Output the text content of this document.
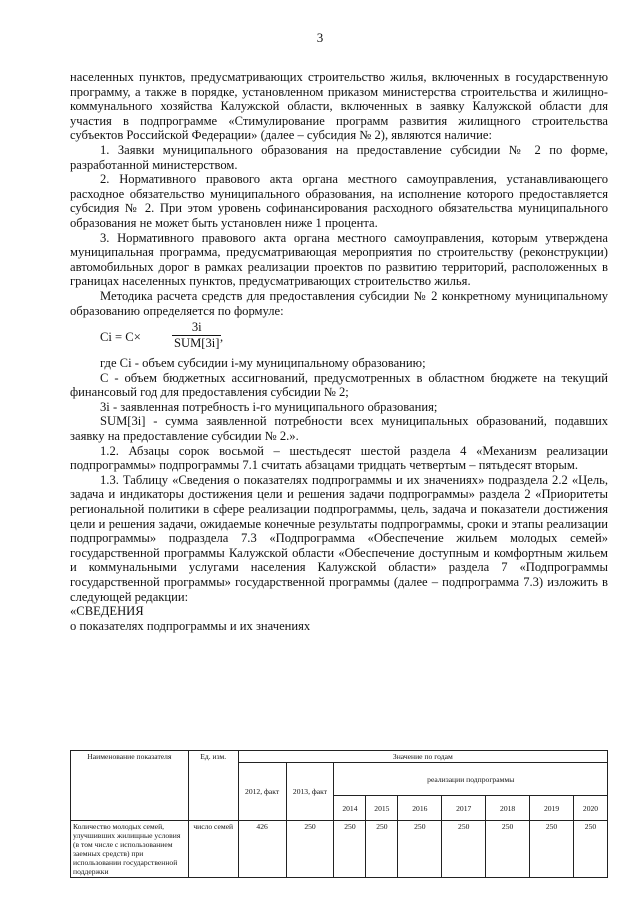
3

населенных пунктов, предусматривающих строительство жилья, включенных в государственную программу, а также в порядке, установленном приказом министерства строительства и жилищно-коммунального хозяйства Калужской области, включенных в заявку Калужской области для участия в подпрограмме «Стимулирование программ развития жилищного строительства субъектов Российской Федерации» (далее – субсидия № 2), являются наличие:

1. Заявки муниципального образования на предоставление субсидии № 2 по форме, разработанной министерством.

2. Нормативного правового акта органа местного самоуправления, устанавливающего расходное обязательство муниципального образования, на исполнение которого предоставляется субсидия № 2. При этом уровень софинансирования расходного обязательства муниципального образования не может быть установлен ниже 1 процента.

3. Нормативного правового акта органа местного самоуправления, которым утверждена муниципальная программа, предусматривающая мероприятия по строительству (реконструкции) автомобильных дорог в рамках реализации проектов по развитию территорий, расположенных в границах населенных пунктов, предусматривающих строительство жилья.

Методика расчета средств для предоставления субсидии № 2 конкретному муниципальному образованию определяется по формуле:

Ci = C×
3i
SUM[3i] ,

где Ci - объем субсидии i-му муниципальному образованию;

С - объем бюджетных ассигнований, предусмотренных в областном бюджете на текущий финансовый год для предоставления субсидии № 2;

3i - заявленная потребность i-го муниципального образования;

SUM[3i] - сумма заявленной потребности всех муниципальных образований, подавших заявку на предоставление субсидии № 2.».

1.2. Абзацы сорок восьмой – шестьдесят шестой раздела 4 «Механизм реализации подпрограммы» подпрограммы 7.1 считать абзацами тридцать четвертым – пятьдесят вторым.

1.3. Таблицу «Сведения о показателях подпрограммы и их значениях» подраздела 2.2 «Цель, задача и индикаторы достижения цели и решения задачи подпрограммы» раздела 2 «Приоритеты региональной политики в сфере реализации подпрограммы, цель, задача и показатели достижения цели и решения задачи, ожидаемые конечные результаты подпрограммы, сроки и этапы реализации подпрограммы» подраздела 7.3 «Подпрограмма «Обеспечение жильем молодых семей» государственной программы Калужской области «Обеспечение доступным и комфортным жильем и коммунальными услугами населения Калужской области» раздела 7 «Подпрограммы государственной программы» государственной программы (далее – подпрограмма 7.3) изложить в следующей редакции:

«СВЕДЕНИЯ

о показателях подпрограммы и их значениях

Наименование показателя	Ед. изм.	Значение по годам								
		2012, факт	2013, факт	реализации подпрограммы						
				2014	2015	2016	2017	2018	2019	2020
Количество молодых семей, улучшивших жилищные условия (в том числе с использованием заемных средств) при использовании государственной поддержки	число семей	426	250	250	250	250	250	250	250	250
